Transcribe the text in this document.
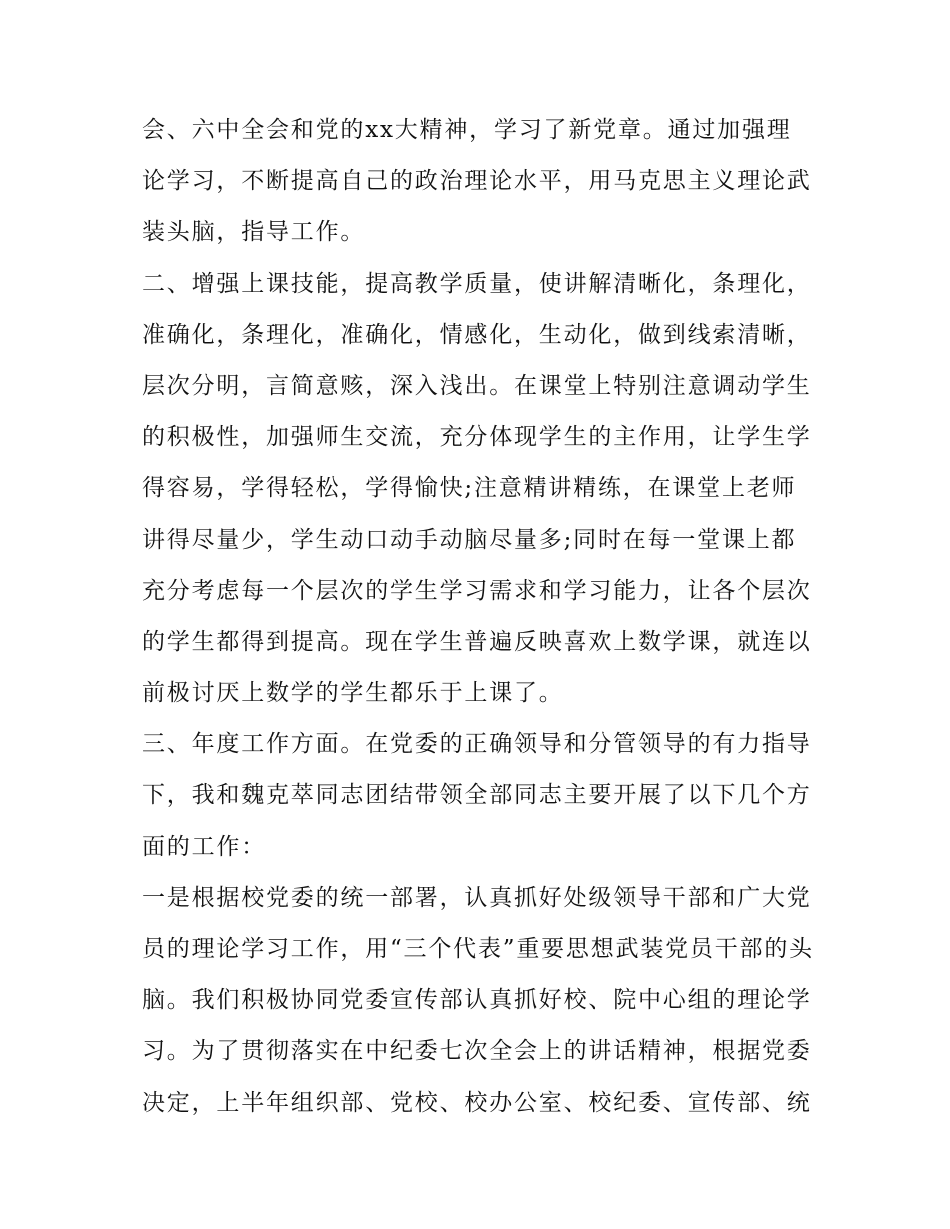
会、六中全会和党的xx大精神，学习了新党章。通过加强理
论学习，不断提高自己的政治理论水平，用马克思主义理论武
装头脑，指导工作。
二、增强上课技能，提高教学质量，使讲解清晰化，条理化，
准确化，条理化，准确化，情感化，生动化，做到线索清晰，
层次分明，言简意赅，深入浅出。在课堂上特别注意调动学生
的积极性，加强师生交流，充分体现学生的主作用，让学生学
得容易，学得轻松，学得愉快;注意精讲精练，在课堂上老师
讲得尽量少，学生动口动手动脑尽量多;同时在每一堂课上都
充分考虑每一个层次的学生学习需求和学习能力，让各个层次
的学生都得到提高。现在学生普遍反映喜欢上数学课，就连以
前极讨厌上数学的学生都乐于上课了。
三、年度工作方面。在党委的正确领导和分管领导的有力指导
下，我和魏克萃同志团结带领全部同志主要开展了以下几个方
面的工作：
一是根据校党委的统一部署，认真抓好处级领导干部和广大党
员的理论学习工作，用“三个代表”重要思想武装党员干部的头
脑。我们积极协同党委宣传部认真抓好校、院中心组的理论学
习。为了贯彻落实在中纪委七次全会上的讲话精神，根据党委
决定，上半年组织部、党校、校办公室、校纪委、宣传部、统
